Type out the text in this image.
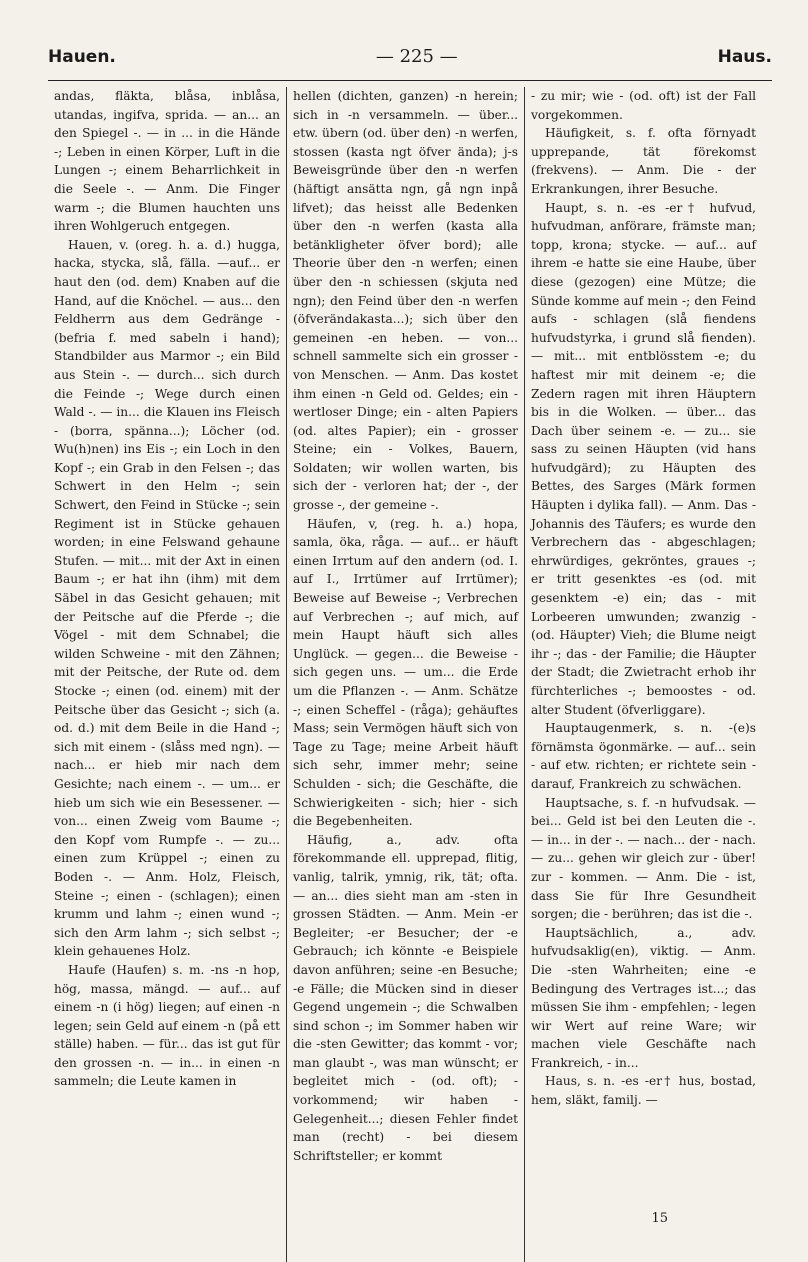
Hauen.	— 225 —	Haus.

andas, fläkta, blåsa, inblåsa, utandas, ingifva, sprida. — an... an den Spiegel -. — in ... in die Hände -; Leben in einen Körper, Luft in die Lungen -; einem Beharrlichkeit in die Seele -. — Anm. Die Finger warm -; die Blumen hauchten uns ihren Wohlgeruch entgegen.

Hauen, v. (oreg. h. a. d.) hugga, hacka, stycka, slå, fälla. —auf... er haut den (od. dem) Knaben auf die Hand, auf die Knöchel. — aus... den Feldherrn aus dem Gedränge - (befria f. med sabeln i hand); Standbilder aus Marmor -; ein Bild aus Stein -. — durch... sich durch die Feinde -; Wege durch einen Wald -. — in... die Klauen ins Fleisch - (borra, spänna...); Löcher (od. Wu(h)nen) ins Eis -; ein Loch in den Kopf -; ein Grab in den Felsen -; das Schwert in den Helm -; sein Schwert, den Feind in Stücke -; sein Regiment ist in Stücke gehauen worden; in eine Felswand gehaune Stufen. — mit... mit der Axt in einen Baum -; er hat ihn (ihm) mit dem Säbel in das Gesicht gehauen; mit der Peitsche auf die Pferde -; die Vögel - mit dem Schnabel; die wilden Schweine - mit den Zähnen; mit der Peitsche, der Rute od. dem Stocke -; einen (od. einem) mit der Peitsche über das Gesicht -; sich (a. od. d.) mit dem Beile in die Hand -; sich mit einem - (slåss med ngn). — nach... er hieb mir nach dem Gesichte; nach einem -. — um... er hieb um sich wie ein Besessener. — von... einen Zweig vom Baume -; den Kopf vom Rumpfe -. — zu... einen zum Krüppel -; einen zu Boden -. — Anm. Holz, Fleisch, Steine -; einen - (schlagen); einen krumm und lahm -; einen wund -; sich den Arm lahm -; sich selbst -; klein gehauenes Holz.

Haufe (Haufen) s. m. -ns -n hop, hög, massa, mängd. — auf... auf einem -n (i hög) liegen; auf einen -n legen; sein Geld auf einem -n (på ett ställe) haben. — für... das ist gut für den grossen -n. — in... in einen -n sammeln; die Leute kamen in

hellen (dichten, ganzen) -n herein; sich in -n versammeln. — über... etw. übern (od. über den) -n werfen, stossen (kasta ngt öfver ända); j-s Beweisgründe über den -n werfen (häftigt ansätta ngn, gå ngn inpå lifvet); das heisst alle Bedenken über den -n werfen (kasta alla betänkligheter öfver bord); alle Theorie über den -n werfen; einen über den -n schiessen (skjuta ned ngn); den Feind über den -n werfen (öfverändakasta...); sich über den gemeinen -en heben. — von... schnell sammelte sich ein grosser - von Menschen. — Anm. Das kostet ihm einen -n Geld od. Geldes; ein - wertloser Dinge; ein - alten Papiers (od. altes Papier); ein - grosser Steine; ein - Volkes, Bauern, Soldaten; wir wollen warten, bis sich der - verloren hat; der -, der grosse -, der gemeine -.

Häufen, v, (reg. h. a.) hopa, samla, öka, råga. — auf... er häuft einen Irrtum auf den andern (od. I. auf I., Irrtümer auf Irrtümer); Beweise auf Beweise -; Verbrechen auf Verbrechen -; auf mich, auf mein Haupt häuft sich alles Unglück. — gegen... die Beweise - sich gegen uns. — um... die Erde um die Pflanzen -. — Anm. Schätze -; einen Scheffel - (råga); gehäuftes Mass; sein Vermögen häuft sich von Tage zu Tage; meine Arbeit häuft sich sehr, immer mehr; seine Schulden - sich; die Geschäfte, die Schwierigkeiten - sich; hier - sich die Begebenheiten.

Häufig, a., adv. ofta förekommande ell. upprepad, flitig, vanlig, talrik, ymnig, rik, tät; ofta. — an... dies sieht man am -sten in grossen Städten. — Anm. Mein -er Begleiter; -er Besucher; der -e Gebrauch; ich könnte -e Beispiele davon anführen; seine -en Besuche; -e Fälle; die Mücken sind in dieser Gegend ungemein -; die Schwalben sind schon -; im Sommer haben wir die -sten Gewitter; das kommt - vor; man glaubt -, was man wünscht; er begleitet mich - (od. oft); - vorkommend; wir haben - Gelegenheit...; diesen Fehler findet man (recht) - bei diesem Schriftsteller; er kommt

- zu mir; wie - (od. oft) ist der Fall vorgekommen.

Häufigkeit, s. f. ofta förnyadt upprepande, tät förekomst (frekvens). — Anm. Die - der Erkrankungen, ihrer Besuche.

Haupt, s. n. -es -er† hufvud, hufvudman, anförare, främste man; topp, krona; stycke. — auf... auf ihrem -e hatte sie eine Haube, über diese (gezogen) eine Mütze; die Sünde komme auf mein -; den Feind aufs - schlagen (slå fiendens hufvudstyrka, i grund slå fienden). — mit... mit entblösstem -e; du haftest mir mit deinem -e; die Zedern ragen mit ihren Häuptern bis in die Wolken. — über... das Dach über seinem -e. — zu... sie sass zu seinen Häupten (vid hans hufvudgärd); zu Häupten des Bettes, des Sarges (Märk formen Häupten i dylika fall). — Anm. Das - Johannis des Täufers; es wurde den Verbrechern das - abgeschlagen; ehrwürdiges, gekröntes, graues -; er tritt gesenktes -es (od. mit gesenktem -e) ein; das - mit Lorbeeren umwunden; zwanzig - (od. Häupter) Vieh; die Blume neigt ihr -; das - der Familie; die Häupter der Stadt; die Zwietracht erhob ihr fürchterliches -; bemoostes - od. alter Student (öfverliggare).

Hauptaugenmerk, s. n. -(e)s förnämsta ögonmärke. — auf... sein - auf etw. richten; er richtete sein - darauf, Frankreich zu schwächen.

Hauptsache, s. f. -n hufvudsak. — bei... Geld ist bei den Leuten die -. — in... in der -. — nach... der - nach. — zu... gehen wir gleich zur - über! zur - kommen. — Anm. Die - ist, dass Sie für Ihre Gesundheit sorgen; die - berühren; das ist die -.

Hauptsächlich, a., adv. hufvudsaklig(en), viktig. — Anm. Die -sten Wahrheiten; eine -e Bedingung des Vertrages ist...; das müssen Sie ihm - empfehlen; - legen wir Wert auf reine Ware; wir machen viele Geschäfte nach Frankreich, - in...

Haus, s. n. -es -er† hus, bostad, hem, släkt, familj. —

15
